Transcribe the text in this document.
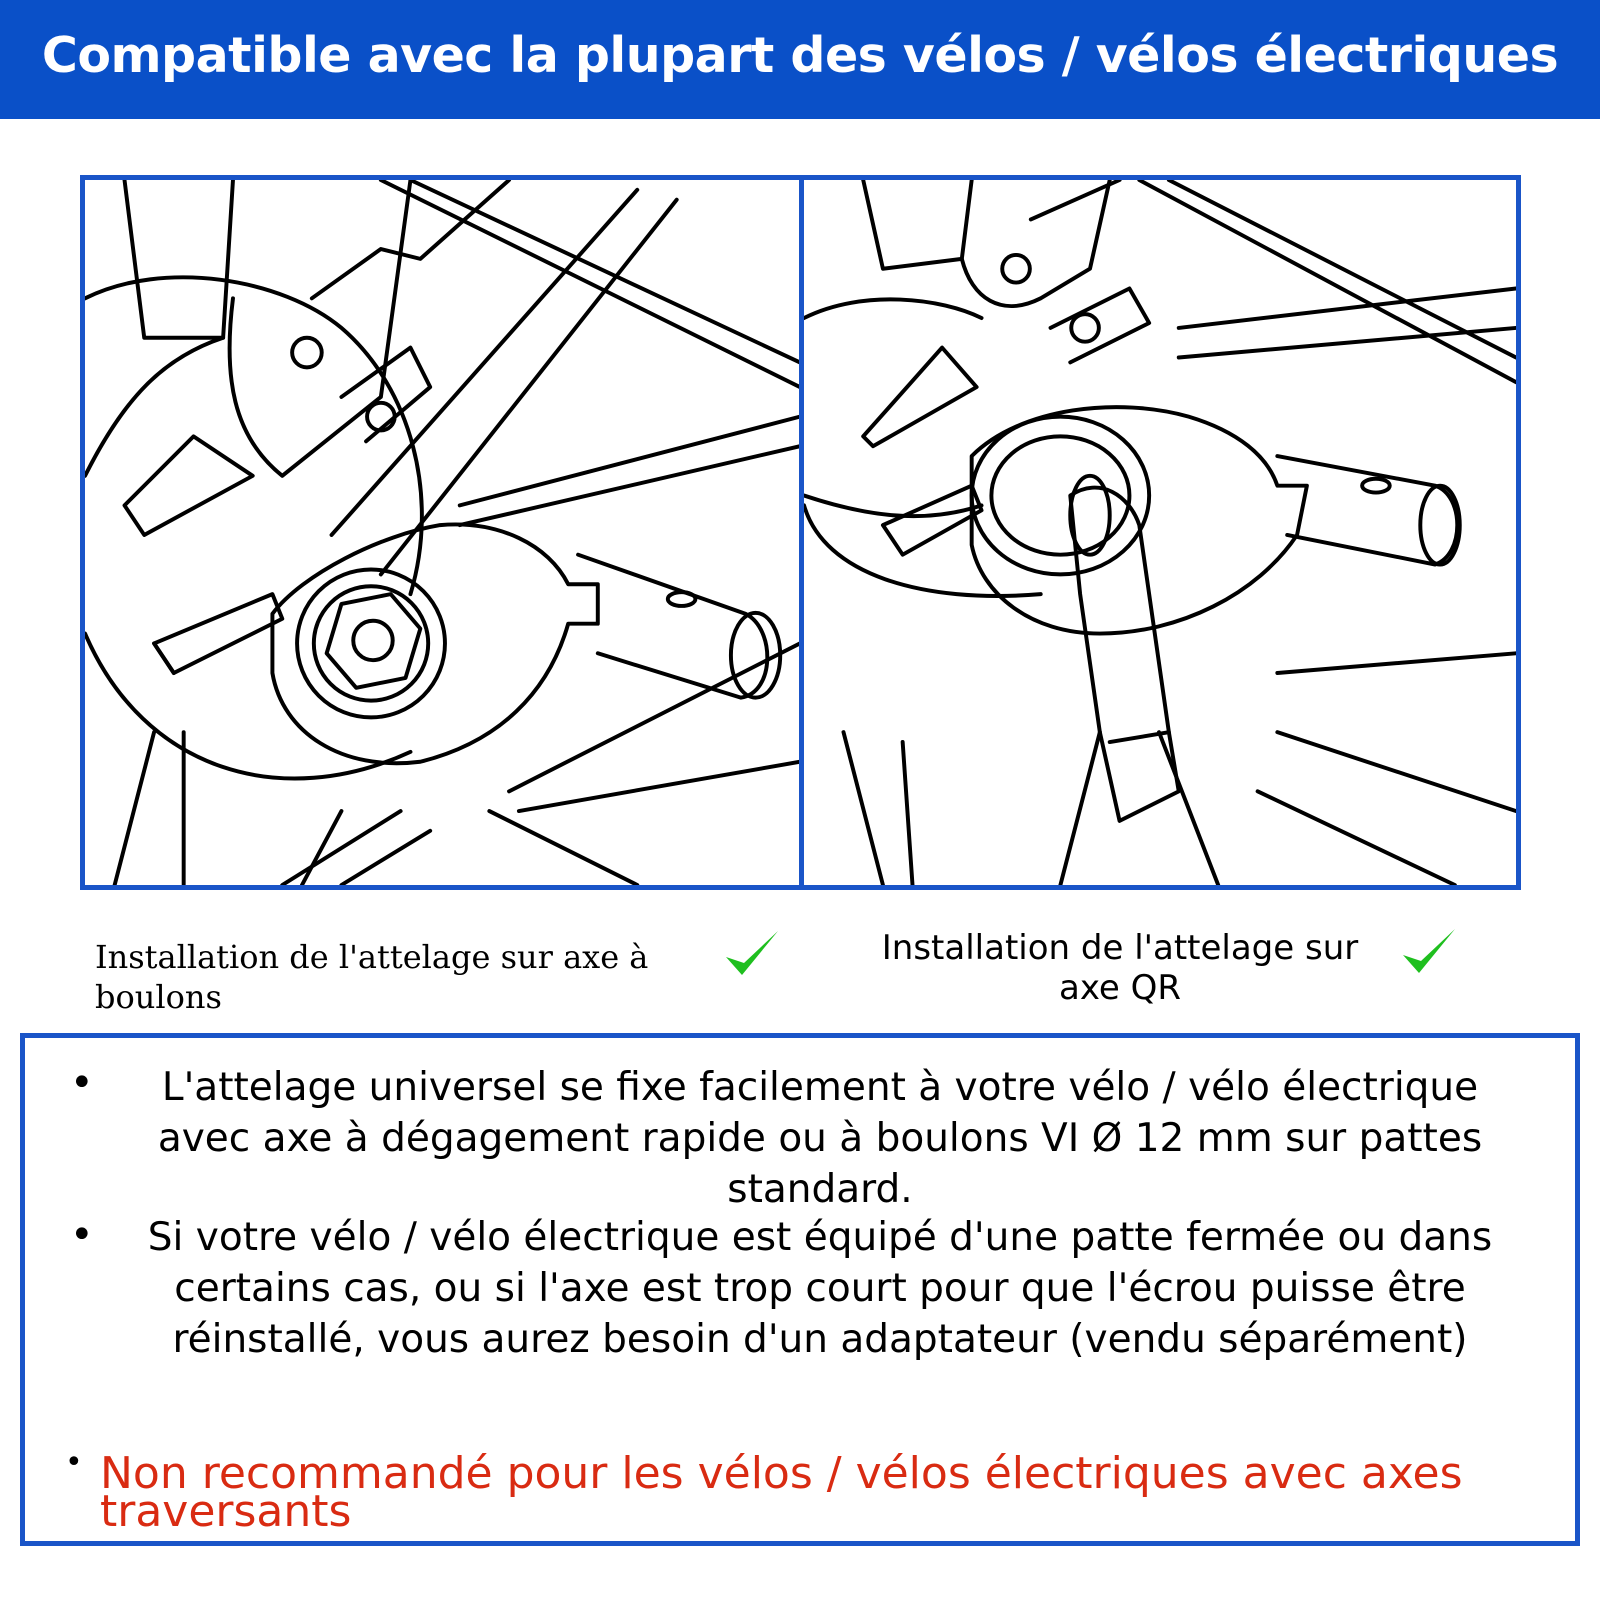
Compatible avec la plupart des vélos / vélos électriques
Installation de l'attelage sur axe à boulons
Installation de l'attelage sur axe QR
•	L'attelage universel se fixe facilement à votre vélo / vélo électrique avec axe à dégagement rapide ou à boulons VI Ø 12 mm sur pattes standard.
•	Si votre vélo / vélo électrique est équipé d'une patte fermée ou dans certains cas, ou si l'axe est trop court pour que l'écrou puisse être réinstallé, vous aurez besoin d'un adaptateur (vendu séparément)
• Non recommandé pour les vélos / vélos électriques avec axes traversants
